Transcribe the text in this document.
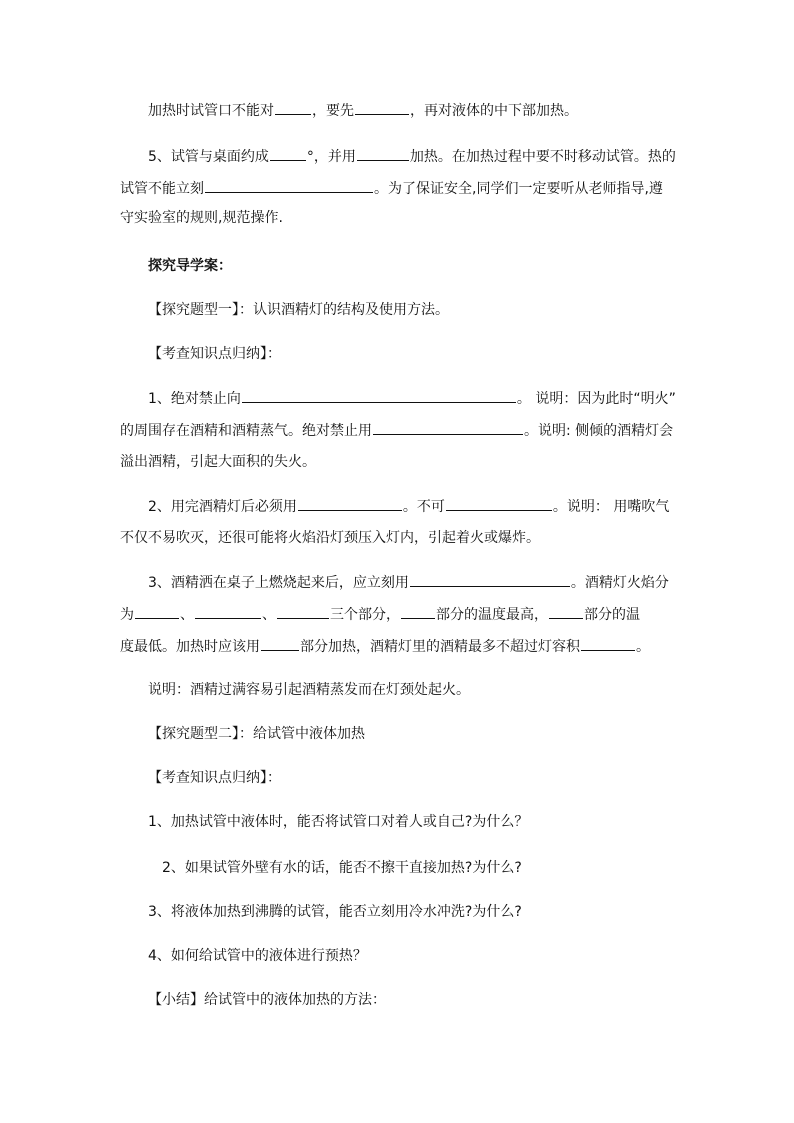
加热时试管口不能对	，要先	，再对液体的中下部加热。
5、试管与桌面约成	°，并用	加热。在加热过程中要不时移动试管。热的
试管不能立刻	。为了保证安全,同学们一定要听从老师指导,遵
守实验室的规则,规范操作.
探究导学案：
【探究题型一】：认识酒精灯的结构及使用方法。
【考查知识点归纳】：
1、绝对禁止向	。 说明：因为此时“明火”
的周围存在酒精和酒精蒸气。绝对禁止用	。说明: 侧倾的酒精灯会
溢出酒精，引起大面积的失火。
2、用完酒精灯后必须用	。不可	。说明： 用嘴吹气
不仅不易吹灭，还很可能将火焰沿灯颈压入灯内，引起着火或爆炸。
3、酒精洒在桌子上燃烧起来后，应立刻用	。酒精灯火焰分
为	、	、	三个部分，	部分的温度最高，	部分的温
度最低。加热时应该用	部分加热，酒精灯里的酒精最多不超过灯容积	。
说明：酒精过满容易引起酒精蒸发而在灯颈处起火。
【探究题型二】：给试管中液体加热
【考查知识点归纳】：
1、加热试管中液体时，能否将试管口对着人或自己?为什么？
2、如果试管外壁有水的话，能否不擦干直接加热?为什么?
3、将液体加热到沸腾的试管，能否立刻用冷水冲洗?为什么?
4、如何给试管中的液体进行预热？
【小结】给试管中的液体加热的方法：
